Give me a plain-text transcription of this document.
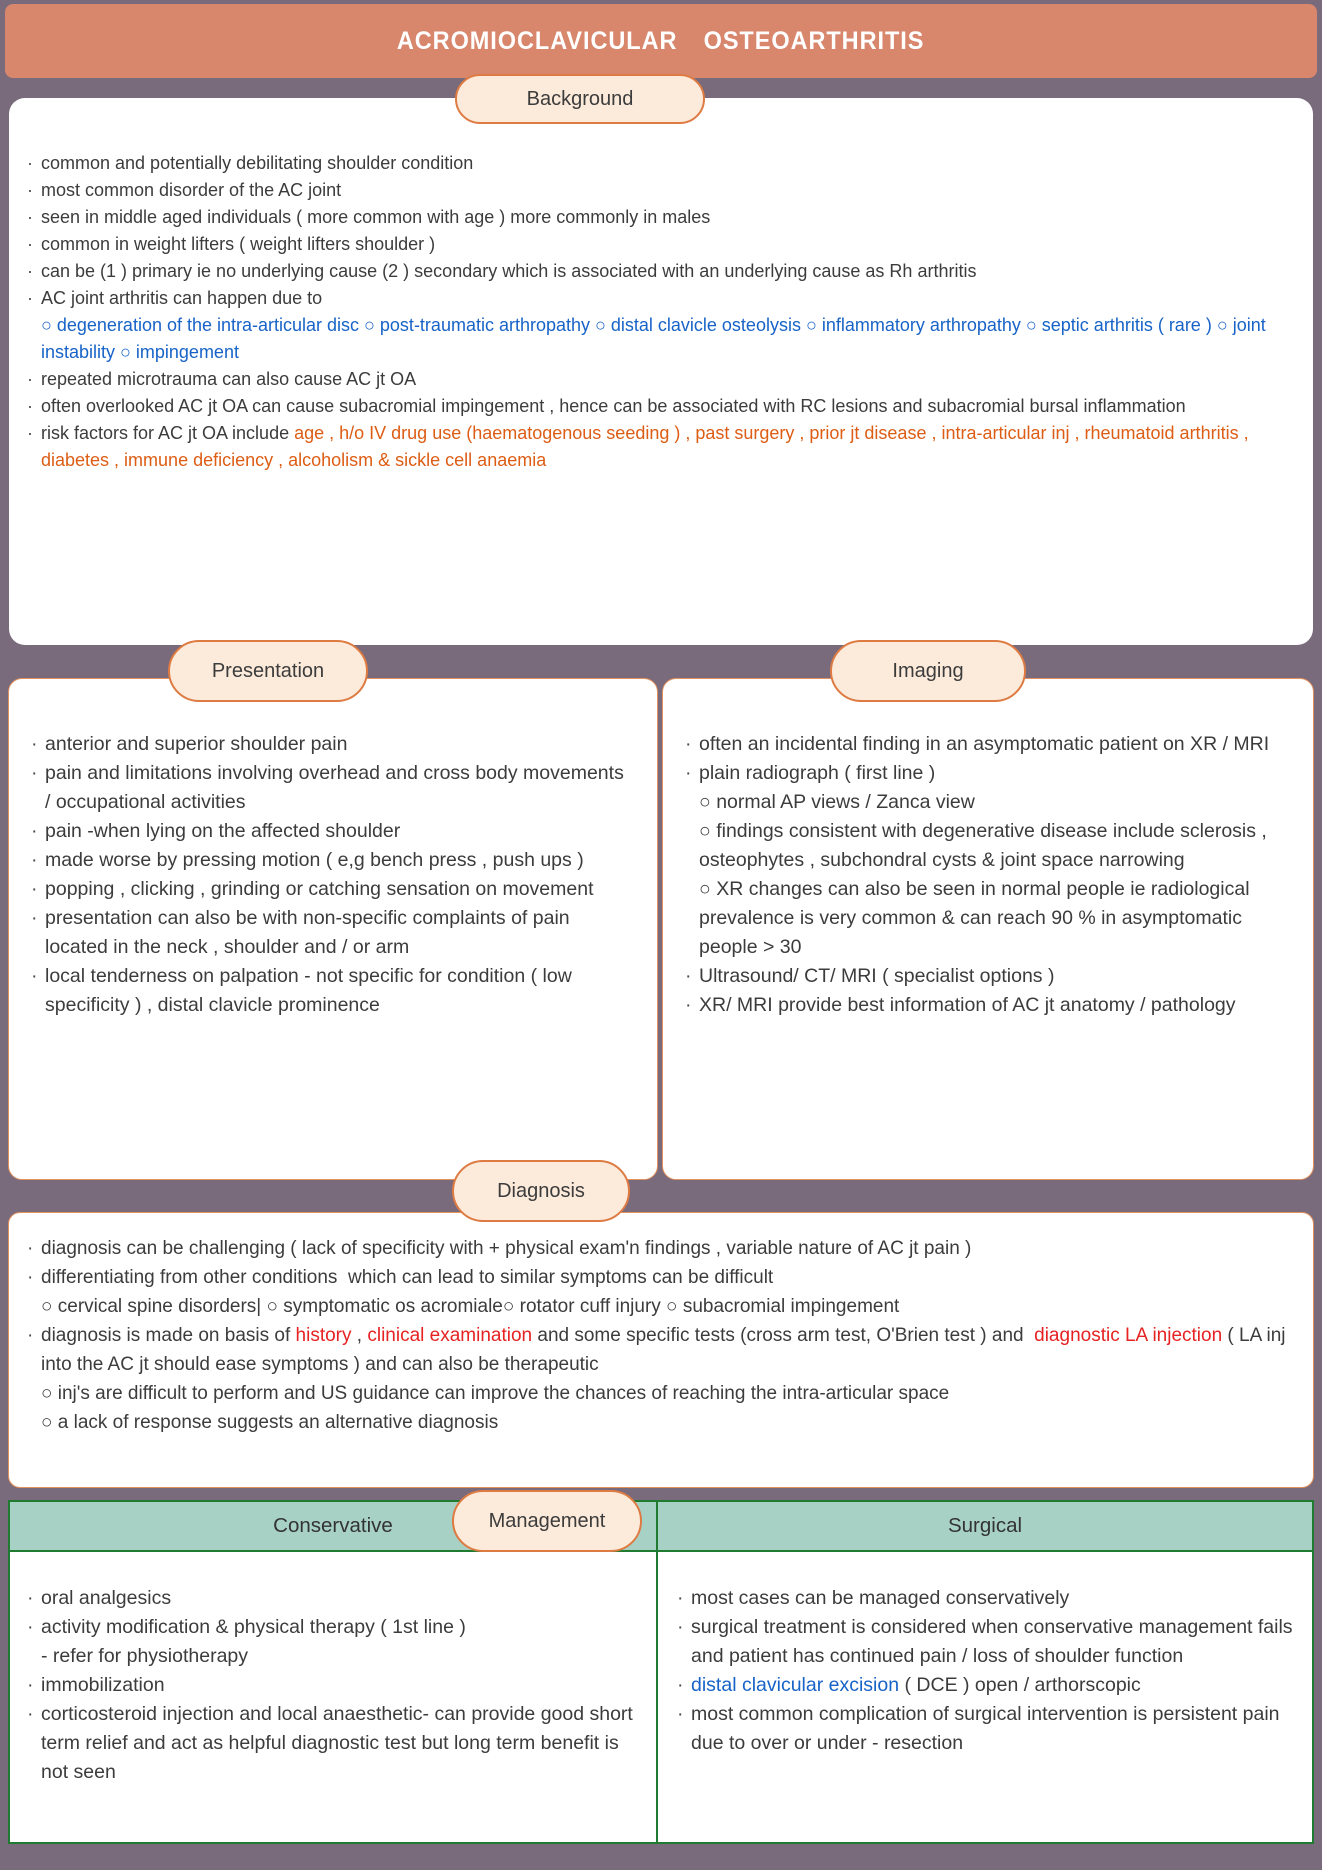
ACROMIOCLAVICULAR  OSTEOARTHRITIS
Background
· common and potentially debilitating shoulder condition
· most common disorder of the AC joint
· seen in middle aged individuals ( more common with age ) more commonly in males
· common in weight lifters ( weight lifters shoulder )
· can be (1 ) primary ie no underlying cause (2 ) secondary which is associated with an underlying cause as Rh arthritis
· AC joint arthritis can happen due to
○ degeneration of the intra-articular disc ○ post-traumatic arthropathy ○ distal clavicle osteolysis ○ inflammatory arthropathy ○ septic arthritis ( rare ) ○ joint instability ○ impingement
· repeated microtrauma can also cause AC jt OA
· often overlooked AC jt OA can cause subacromial impingement , hence can be associated with RC lesions and subacromial bursal inflammation
· risk factors for AC jt OA include age , h/o IV drug use (haematogenous seeding ) , past surgery , prior jt disease , intra-articular inj , rheumatoid arthritis , diabetes , immune deficiency , alcoholism & sickle cell anaemia
Presentation
· anterior and superior shoulder pain
· pain and limitations involving overhead and cross body movements / occupational activities
· pain -when lying on the affected shoulder
· made worse by pressing motion ( e,g bench press , push ups )
· popping , clicking , grinding or catching sensation on movement
· presentation can also be with non-specific complaints of pain located in the neck , shoulder and / or arm
· local tenderness on palpation - not specific for condition ( low specificity ) , distal clavicle prominence
Imaging
· often an incidental finding in an asymptomatic patient on XR / MRI
· plain radiograph ( first line )
○ normal AP views / Zanca view
○ findings consistent with degenerative disease include sclerosis , osteophytes , subchondral cysts & joint space narrowing
○ XR changes can also be seen in normal people ie radiological prevalence is very common & can reach 90 % in asymptomatic people > 30
· Ultrasound/ CT/ MRI ( specialist options )
· XR/ MRI provide best information of AC jt anatomy / pathology
Diagnosis
· diagnosis can be challenging ( lack of specificity with + physical exam'n findings , variable nature of AC jt pain )
· differentiating from other conditions  which can lead to similar symptoms can be difficult
○ cervical spine disorders| ○ symptomatic os acromiale○ rotator cuff injury ○ subacromial impingement
· diagnosis is made on basis of history , clinical examination and some specific tests (cross arm test, O'Brien test ) and  diagnostic LA injection ( LA inj into the AC jt should ease symptoms ) and can also be therapeutic
○ inj's are difficult to perform and US guidance can improve the chances of reaching the intra-articular space
○ a lack of response suggests an alternative diagnosis
Conservative	Surgical
· oral analgesics
· activity modification & physical therapy ( 1st line )
- refer for physiotherapy
· immobilization
· corticosteroid injection and local anaesthetic- can provide good short term relief and act as helpful diagnostic test but long term benefit is not seen
· most cases can be managed conservatively
· surgical treatment is considered when conservative management fails and patient has continued pain / loss of shoulder function
· distal clavicular excision ( DCE ) open / arthorscopic
· most common complication of surgical intervention is persistent pain due to over or under - resection
Management
